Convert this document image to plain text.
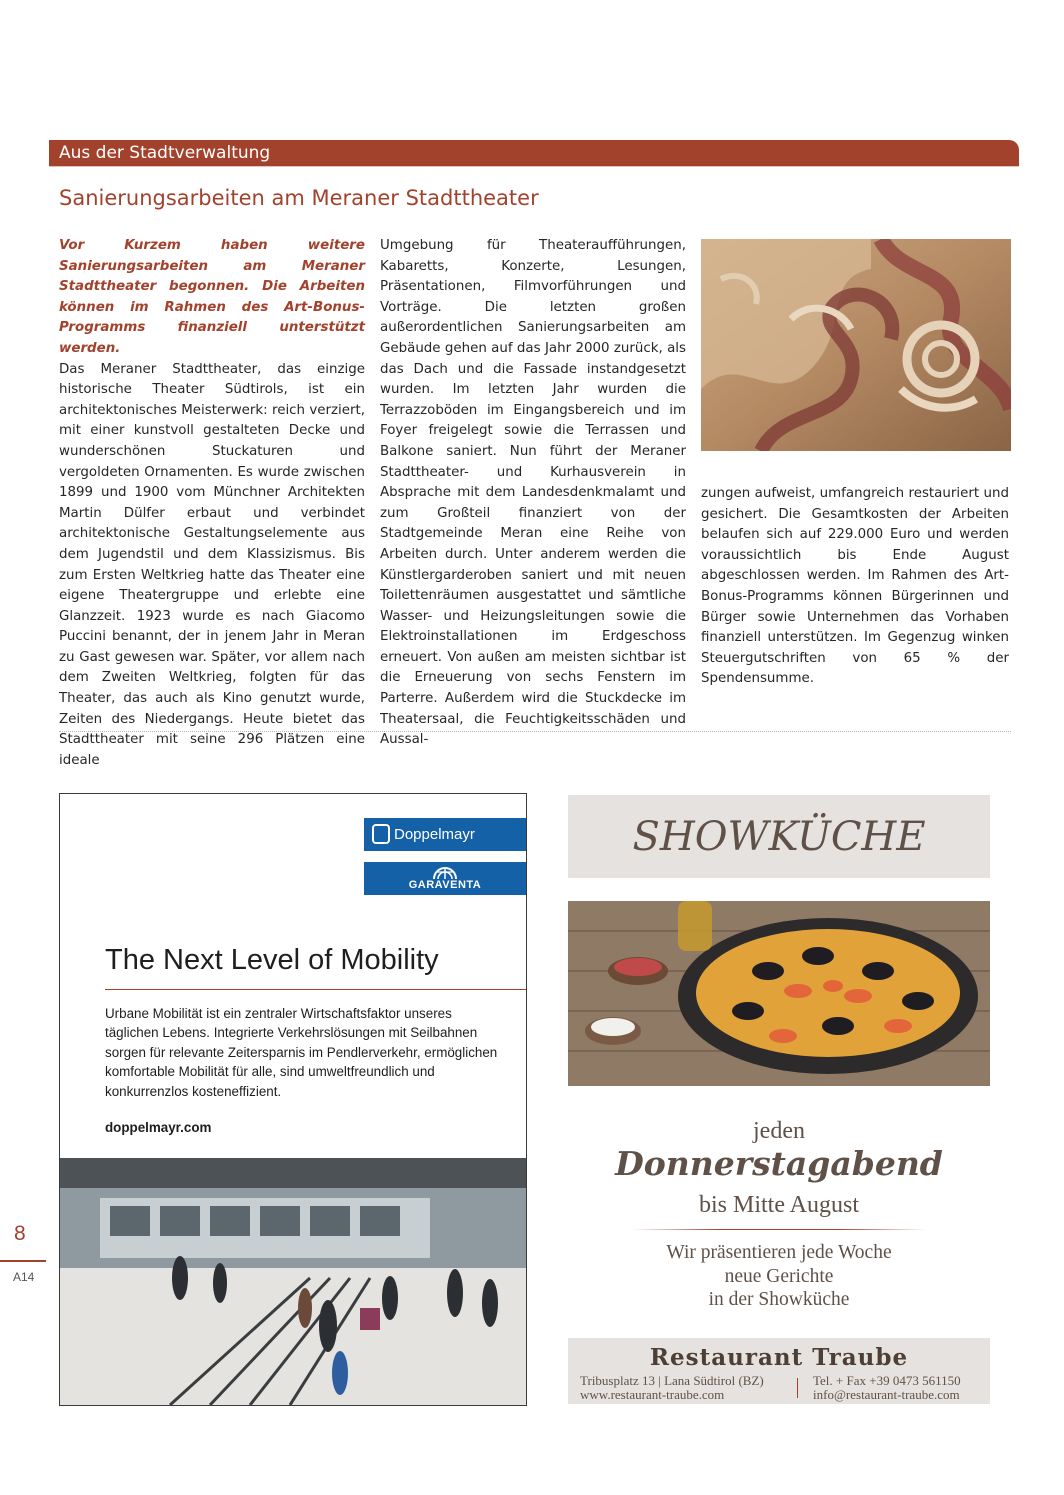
Aus der Stadtverwaltung
Sanierungsarbeiten am Meraner Stadttheater

Vor Kurzem haben weitere Sanierungsarbeiten am Meraner Stadttheater begonnen. Die Arbeiten können im Rahmen des Art-Bonus-Programms finanziell unterstützt werden.

Das Meraner Stadttheater, das einzige historische Theater Südtirols, ist ein architektonisches Meisterwerk: reich verziert, mit einer kunstvoll gestalteten Decke und wunderschönen Stuckaturen und vergoldeten Ornamenten. Es wurde zwischen 1899 und 1900 vom Münchner Architekten Martin Dülfer erbaut und verbindet architektonische Gestaltungselemente aus dem Jugendstil und dem Klassizismus. Bis zum Ersten Weltkrieg hatte das Theater eine eigene Theatergruppe und erlebte eine Glanzzeit. 1923 wurde es nach Giacomo Puccini benannt, der in jenem Jahr in Meran zu Gast gewesen war. Später, vor allem nach dem Zweiten Weltkrieg, folgten für das Theater, das auch als Kino genutzt wurde, Zeiten des Niedergangs. Heute bietet das Stadttheater mit seine 296 Plätzen eine ideale

Umgebung für Theateraufführungen, Kabaretts, Konzerte, Lesungen, Präsentationen, Filmvorführungen und Vorträge. Die letzten großen außerordentlichen Sanierungsarbeiten am Gebäude gehen auf das Jahr 2000 zurück, als das Dach und die Fassade instandgesetzt wurden. Im letzten Jahr wurden die Terrazzoböden im Eingangsbereich und im Foyer freigelegt sowie die Terrassen und Balkone saniert. Nun führt der Meraner Stadttheater- und Kurhausverein in Absprache mit dem Landesdenkmalamt und zum Großteil finanziert von der Stadtgemeinde Meran eine Reihe von Arbeiten durch. Unter anderem werden die Künstlergarderoben saniert und mit neuen Toilettenräumen ausgestattet und sämtliche Wasser- und Heizungsleitungen sowie die Elektroinstallationen im Erdgeschoss erneuert. Von außen am meisten sichtbar ist die Erneuerung von sechs Fenstern im Parterre. Außerdem wird die Stuckdecke im Theatersaal, die Feuchtigkeitsschäden und Aussal-

zungen aufweist, umfangreich restauriert und gesichert. Die Gesamtkosten der Arbeiten belaufen sich auf 229.000 Euro und werden voraussichtlich bis Ende August abgeschlossen werden. Im Rahmen des Art-Bonus-Programms können Bürgerinnen und Bürger sowie Unternehmen das Vorhaben finanziell unterstützen. Im Gegenzug winken Steuergutschriften von 65 % der Spendensumme.

Doppelmayr
GARAVENTA
The Next Level of Mobility
Urbane Mobilität ist ein zentraler Wirtschaftsfaktor unseres täglichen Lebens. Integrierte Verkehrslösungen mit Seilbahnen sorgen für relevante Zeitersparnis im Pendlerverkehr, ermöglichen komfortable Mobilität für alle, sind umweltfreundlich und konkurrenzlos kosteneffizient.
doppelmayr.com
8
A14
SHOWKÜCHE
jeden
Donnerstagabend
bis Mitte August
Wir präsentieren jede Woche
neue Gerichte
in der Showküche
Restaurant Traube
Tribusplatz 13 | Lana Südtirol (BZ)
www.restaurant-traube.com
Tel. + Fax +39 0473 561150
info@restaurant-traube.com
